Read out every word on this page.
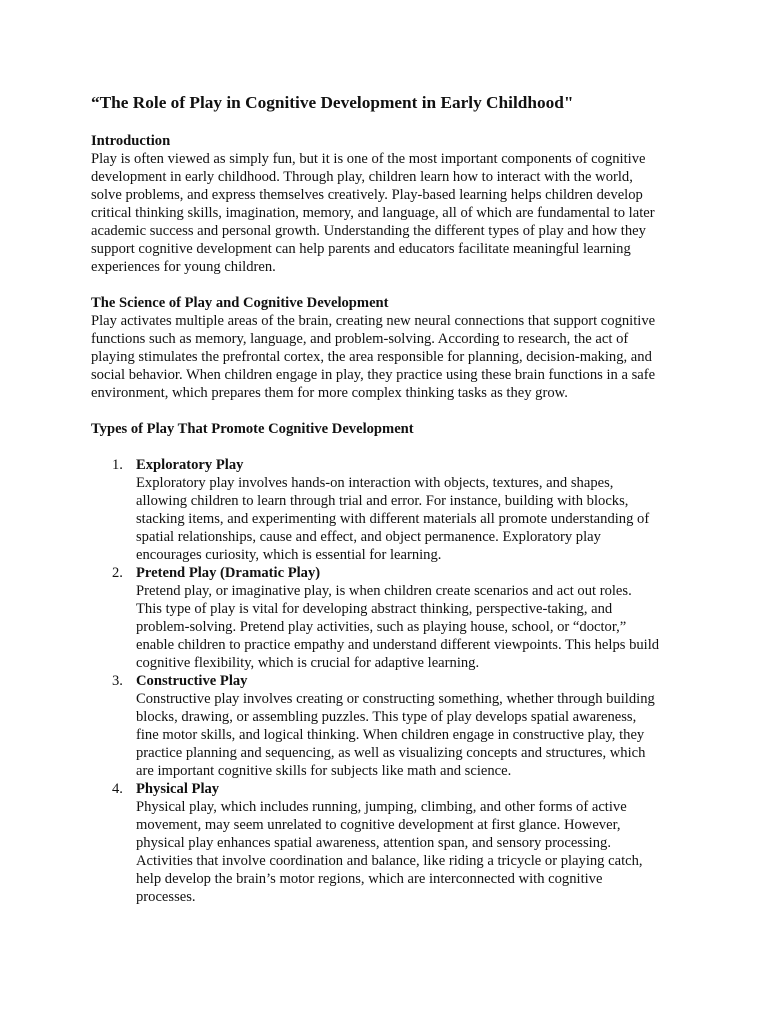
“The Role of Play in Cognitive Development in Early Childhood"
Introduction
Play is often viewed as simply fun, but it is one of the most important components of cognitive
development in early childhood. Through play, children learn how to interact with the world,
solve problems, and express themselves creatively. Play-based learning helps children develop
critical thinking skills, imagination, memory, and language, all of which are fundamental to later
academic success and personal growth. Understanding the different types of play and how they
support cognitive development can help parents and educators facilitate meaningful learning
experiences for young children.
The Science of Play and Cognitive Development
Play activates multiple areas of the brain, creating new neural connections that support cognitive
functions such as memory, language, and problem-solving. According to research, the act of
playing stimulates the prefrontal cortex, the area responsible for planning, decision-making, and
social behavior. When children engage in play, they practice using these brain functions in a safe
environment, which prepares them for more complex thinking tasks as they grow.
Types of Play That Promote Cognitive Development
1. Exploratory Play
Exploratory play involves hands-on interaction with objects, textures, and shapes,
allowing children to learn through trial and error. For instance, building with blocks,
stacking items, and experimenting with different materials all promote understanding of
spatial relationships, cause and effect, and object permanence. Exploratory play
encourages curiosity, which is essential for learning.
2. Pretend Play (Dramatic Play)
Pretend play, or imaginative play, is when children create scenarios and act out roles.
This type of play is vital for developing abstract thinking, perspective-taking, and
problem-solving. Pretend play activities, such as playing house, school, or “doctor,”
enable children to practice empathy and understand different viewpoints. This helps build
cognitive flexibility, which is crucial for adaptive learning.
3. Constructive Play
Constructive play involves creating or constructing something, whether through building
blocks, drawing, or assembling puzzles. This type of play develops spatial awareness,
fine motor skills, and logical thinking. When children engage in constructive play, they
practice planning and sequencing, as well as visualizing concepts and structures, which
are important cognitive skills for subjects like math and science.
4. Physical Play
Physical play, which includes running, jumping, climbing, and other forms of active
movement, may seem unrelated to cognitive development at first glance. However,
physical play enhances spatial awareness, attention span, and sensory processing.
Activities that involve coordination and balance, like riding a tricycle or playing catch,
help develop the brain’s motor regions, which are interconnected with cognitive
processes.
